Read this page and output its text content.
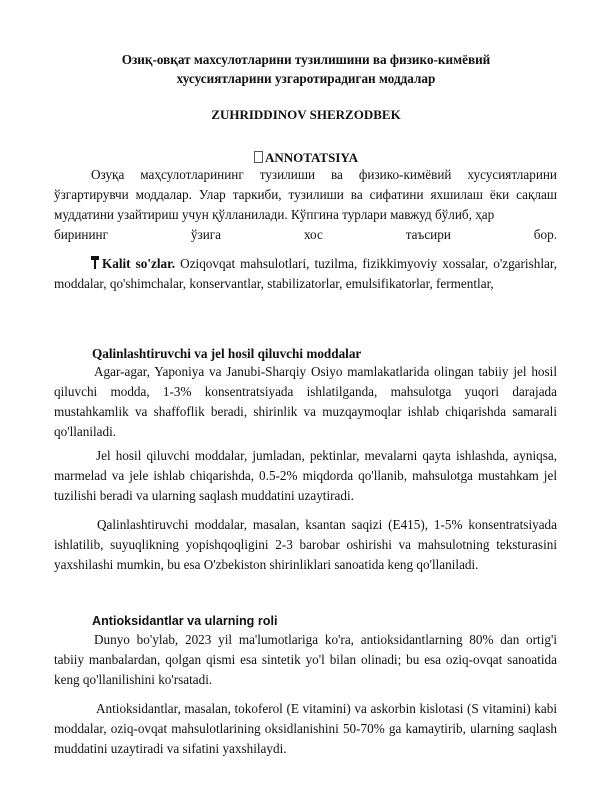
Озиқ-овқат махсулотларини тузилишини ва физико-кимёвий
хусусиятларини узгаротирадиган моддалар
ZUHRIDDINOV SHERZODBEK
ANNOTATSIYA
Озуқа маҳсулотларининг тузилиши ва физико-кимёвий хусусиятларини ўзгартирувчи моддалар. Улар таркиби, тузилиши ва сифатини яхшилаш ёки сақлаш муддатини узайтириш учун қўлланилади. Кўпгина турлари мавжуд бўлиб, ҳар
бирининг	ўзига	хос	таъсири	бор.
Kalit so'zlar. Oziqovqat mahsulotlari, tuzilma, fizikkimyoviy xossalar, o'zgarishlar, moddalar, qo'shimchalar, konservantlar, stabilizatorlar, emulsifikatorlar, fermentlar,
Qalinlashtiruvchi va jel hosil qiluvchi moddalar
Agar-agar, Yaponiya va Janubi-Sharqiy Osiyo mamlakatlarida olingan tabiiy jel hosil qiluvchi modda, 1-3% konsentratsiyada ishlatilganda, mahsulotga yuqori darajada mustahkamlik va shaffoflik beradi, shirinlik va muzqaymoqlar ishlab chiqarishda samarali qo'llaniladi.
Jel hosil qiluvchi moddalar, jumladan, pektinlar, mevalarni qayta ishlashda, ayniqsa, marmelad va jele ishlab chiqarishda, 0.5-2% miqdorda qo'llanib, mahsulotga mustahkam jel tuzilishi beradi va ularning saqlash muddatini uzaytiradi.
Qalinlashtiruvchi moddalar, masalan, ksantan saqizi (E415), 1-5% konsentratsiyada ishlatilib, suyuqlikning yopishqoqligini 2-3 barobar oshirishi va mahsulotning teksturasini yaxshilashi mumkin, bu esa O'zbekiston shirinliklari sanoatida keng qo'llaniladi.
Antioksidantlar va ularning roli
Dunyo bo'ylab, 2023 yil ma'lumotlariga ko'ra, antioksidantlarning 80% dan ortig'i tabiiy manbalardan, qolgan qismi esa sintetik yo'l bilan olinadi; bu esa oziq-ovqat sanoatida keng qo'llanilishini ko'rsatadi.
Antioksidantlar, masalan, tokoferol (E vitamini) va askorbin kislotasi (S vitamini) kabi moddalar, oziq-ovqat mahsulotlarining oksidlanishini 50-70% ga kamaytirib, ularning saqlash muddatini uzaytiradi va sifatini yaxshilaydi.
